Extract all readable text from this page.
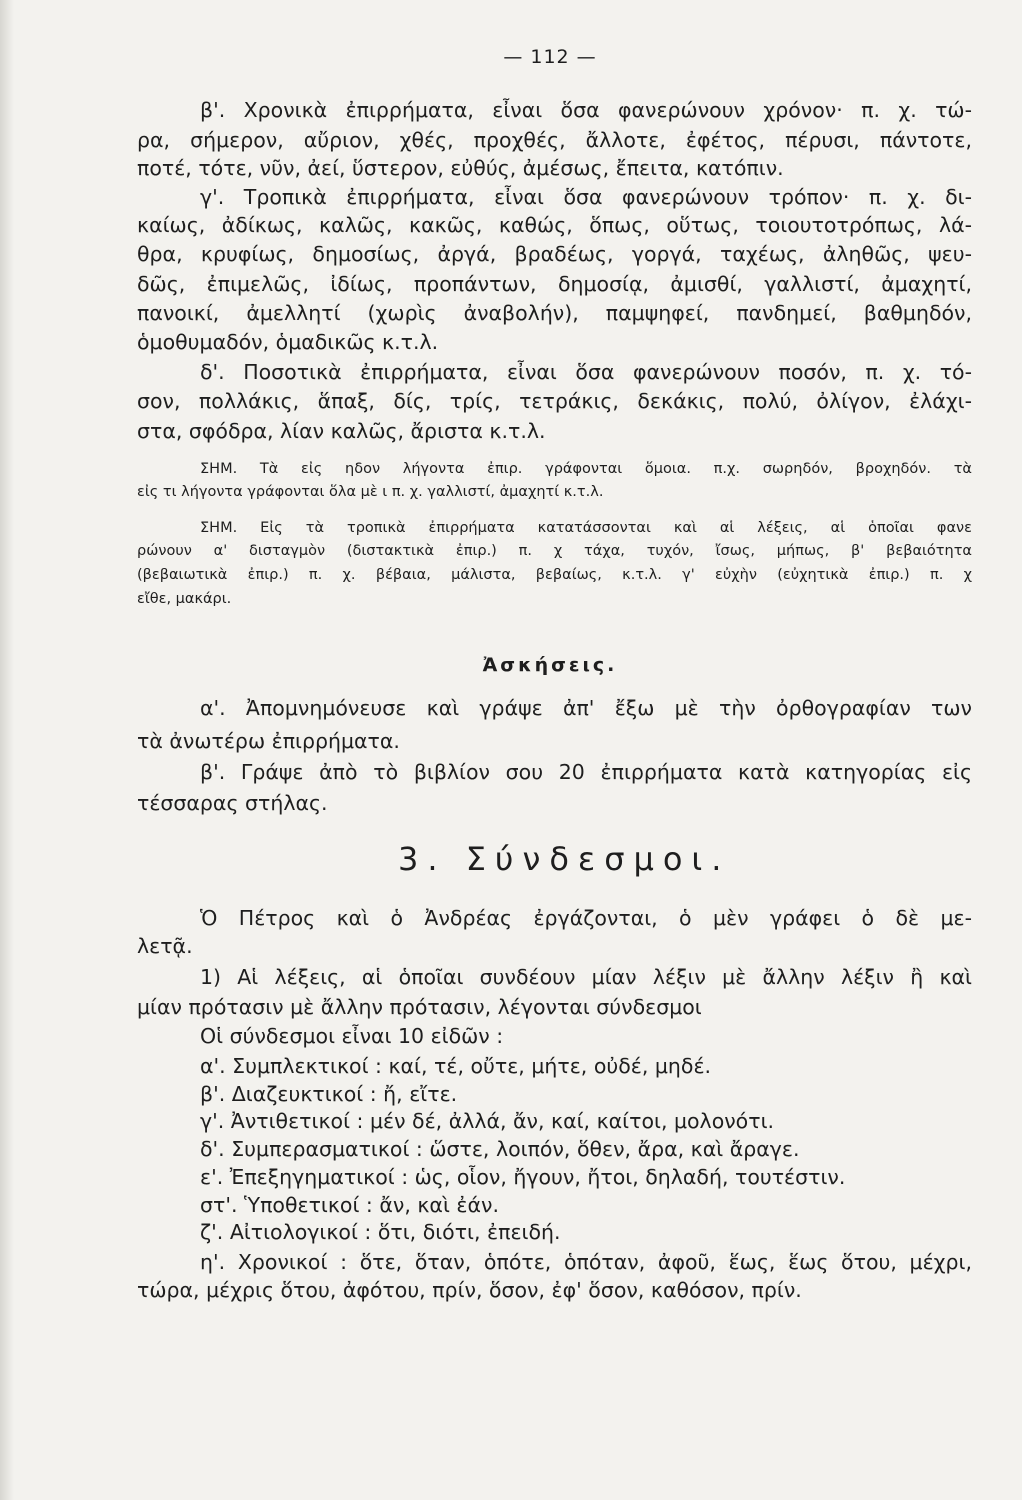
— 112 —
β'. Χρονικὰ ἐπιρρήματα, εἶναι ὅσα φανερώνουν χρόνον· π. χ. τώ-
ρα, σήμερον, αὔριον, χθές, προχθές, ἄλλοτε, ἐφέτος, πέρυσι, πάντοτε,
ποτέ, τότε, νῦν, ἀεί, ὕστερον, εὐθύς, ἀμέσως, ἔπειτα, κατόπιν.
γ'. Τροπικὰ ἐπιρρήματα, εἶναι ὅσα φανερώνουν τρόπον· π. χ. δι-
καίως, ἀδίκως, καλῶς, κακῶς, καθώς, ὅπως, οὕτως, τοιουτοτρόπως, λά-
θρα, κρυφίως, δημοσίως, ἀργά, βραδέως, γοργά, ταχέως, ἀληθῶς, ψευ-
δῶς, ἐπιμελῶς, ἰδίως, προπάντων, δημοσίᾳ, ἀμισθί, γαλλιστί, ἀμαχητί,
πανοικί, ἀμελλητί (χωρὶς ἀναβολήν), παμψηφεί, πανδημεί, βαθμηδόν,
ὁμοθυμαδόν, ὁμαδικῶς κ.τ.λ.
δ'. Ποσοτικὰ ἐπιρρήματα, εἶναι ὅσα φανερώνουν ποσόν, π. χ. τό-
σον, πολλάκις, ἅπαξ, δίς, τρίς, τετράκις, δεκάκις, πολύ, ὀλίγον, ἐλάχι-
στα, σφόδρα, λίαν καλῶς, ἄριστα κ.τ.λ.
ΣΗΜ. Τὰ εἰς ηδον λήγοντα ἐπιρ. γράφονται ὅμοια. π.χ. σωρηδόν, βροχηδόν. τὰ
εἰς τι λήγοντα γράφονται ὅλα μὲ ι π. χ. γαλλιστί, ἀμαχητί κ.τ.λ.
ΣΗΜ. Εἰς τὰ τροπικὰ ἐπιρρήματα κατατάσσονται καὶ αἱ λέξεις, αἱ ὁποῖαι φανε
ρώνουν α' δισταγμὸν (διστακτικὰ ἐπιρ.) π. χ τάχα, τυχόν, ἴσως, μήπως, β' βεβαιότητα
(βεβαιωτικὰ ἐπιρ.) π. χ. βέβαια, μάλιστα, βεβαίως, κ.τ.λ. γ' εὐχὴν (εὐχητικὰ ἐπιρ.) π. χ
εἴθε, μακάρι.
Ἀσκήσεις.
α'. Ἀπομνημόνευσε καὶ γράψε ἀπ' ἔξω μὲ τὴν ὀρθογραφίαν των
τὰ ἀνωτέρω ἐπιρρήματα.
β'. Γράψε ἀπὸ τὸ βιβλίον σου 20 ἐπιρρήματα κατὰ κατηγορίας εἰς
τέσσαρας στήλας.
3. Σύνδεσμοι.
Ὁ Πέτρος καὶ ὁ Ἀνδρέας ἐργάζονται, ὁ μὲν γράφει ὁ δὲ με-
λετᾷ.
1) Αἱ λέξεις, αἱ ὁποῖαι συνδέουν μίαν λέξιν μὲ ἄλλην λέξιν ἢ καὶ
μίαν πρότασιν μὲ ἄλλην πρότασιν, λέγονται σύνδεσμοι
Οἱ σύνδεσμοι εἶναι 10 εἰδῶν :
α'. Συμπλεκτικοί : καί, τέ, οὔτε, μήτε, οὐδέ, μηδέ.
β'. Διαζευκτικοί : ἤ, εἴτε.
γ'. Ἀντιθετικοί : μέν δέ, ἀλλά, ἄν, καί, καίτοι, μολονότι.
δ'. Συμπερασματικοί : ὥστε, λοιπόν, ὅθεν, ἄρα, καὶ ἄραγε.
ε'. Ἐπεξηγηματικοί : ὡς, οἷον, ἤγουν, ἤτοι, δηλαδή, τουτέστιν.
στ'. Ὑποθετικοί : ἄν, καὶ ἐάν.
ζ'. Αἰτιολογικοί : ὅτι, διότι, ἐπειδή.
η'. Χρονικοί : ὅτε, ὅταν, ὁπότε, ὁπόταν, ἀφοῦ, ἕως, ἕως ὅτου, μέχρι,
τώρα, μέχρις ὅτου, ἀφότου, πρίν, ὅσον, ἐφ' ὅσον, καθόσον, πρίν.
